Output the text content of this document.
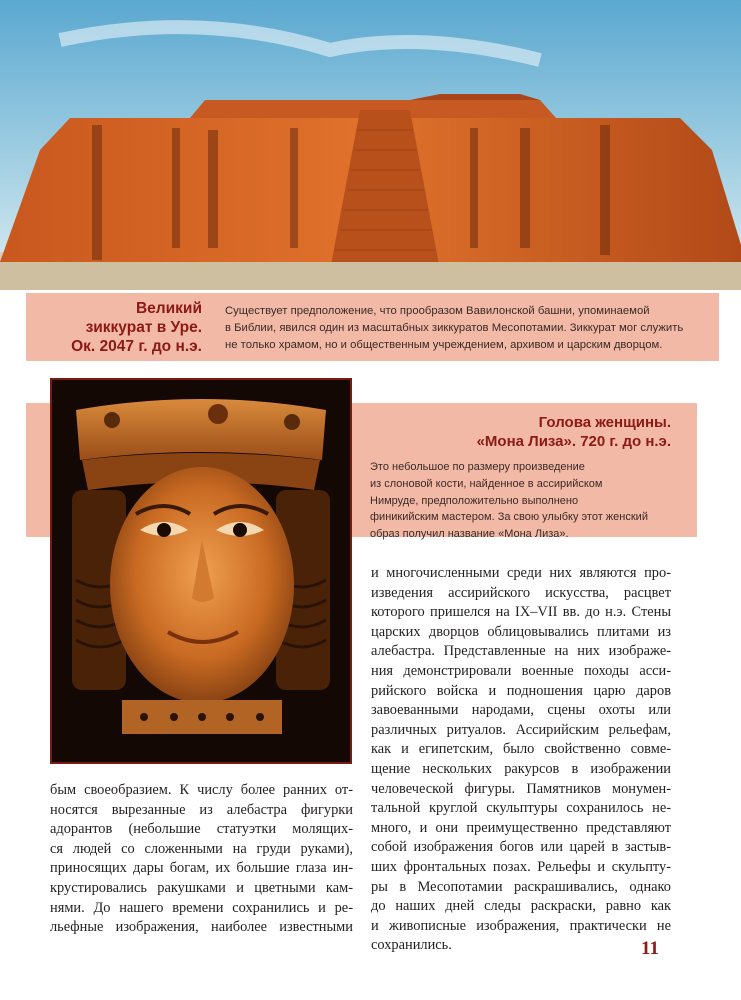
Великий
зиккурат в Уре.
Ок. 2047 г. до н.э.
Существует предположение, что прообразом Вавилонской башни, упоминаемой
в Библии, явился один из масштабных зиккуратов Месопотамии. Зиккурат мог служить
не только храмом, но и общественным учреждением, архивом и царским дворцом.
Голова женщины.
«Мона Лиза». 720 г. до н.э.
Это небольшое по размеру произведение
из слоновой кости, найденное в ассирийском
Нимруде, предположительно выполнено
финикийским мастером. За свою улыбку этот женский
образ получил название «Мона Лиза».
и многочисленными среди них являются про-
изведения ассирийского искусства, расцвет
которого пришелся на IX–VII вв. до н.э. Стены
царских дворцов облицовывались плитами из
алебастра. Представленные на них изображе-
ния демонстрировали военные походы асси-
рийского войска и подношения царю даров
завоеванными народами, сцены охоты или
различных ритуалов. Ассирийским рельефам,
как и египетским, было свойственно совме-
щение нескольких ракурсов в изображении
человеческой фигуры. Памятников монумен-
тальной круглой скульптуры сохранилось не-
много, и они преимущественно представляют
собой изображения богов или царей в застыв-
ших фронтальных позах. Рельефы и скульпту-
ры в Месопотамии раскрашивались, однако
до наших дней следы раскраски, равно как
и живописные изображения, практически не
сохранились.
бым своеобразием. К числу более ранних от-
носятся вырезанные из алебастра фигурки
адорантов (небольшие статуэтки молящих-
ся людей со сложенными на груди руками),
приносящих дары богам, их большие глаза ин-
крустировались ракушками и цветными кам-
нями. До нашего времени сохранились и ре-
льефные изображения, наиболее известными
11
